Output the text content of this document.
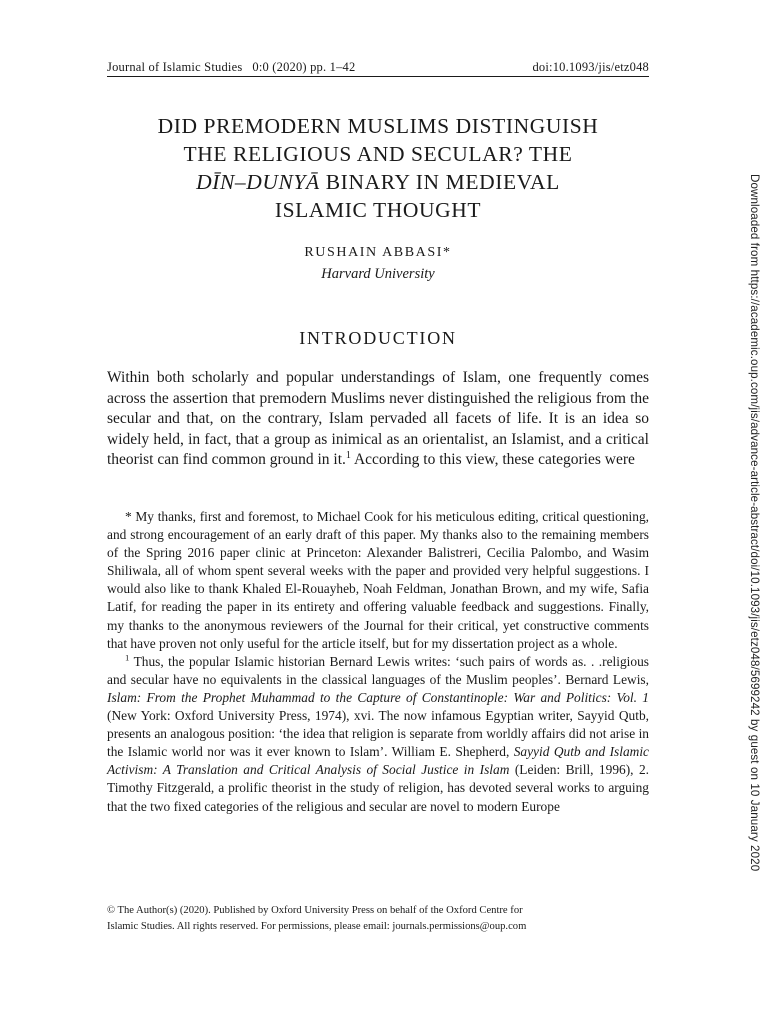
Journal of Islamic Studies   0:0 (2020) pp. 1–42	doi:10.1093/jis/etz048
DID PREMODERN MUSLIMS DISTINGUISH
THE RELIGIOUS AND SECULAR? THE
DĪN–DUNYĀ BINARY IN MEDIEVAL
ISLAMIC THOUGHT
RUSHAIN ABBASI*
Harvard University
INTRODUCTION

Within both scholarly and popular understandings of Islam, one frequently comes across the assertion that premodern Muslims never distinguished the religious from the secular and that, on the contrary, Islam pervaded all facets of life. It is an idea so widely held, in fact, that a group as inimical as an orientalist, an Islamist, and a critical theorist can find common ground in it.$^1$ According to this view, these categories were

* My thanks, first and foremost, to Michael Cook for his meticulous editing, critical questioning, and strong encouragement of an early draft of this paper. My thanks also to the remaining members of the Spring 2016 paper clinic at Princeton: Alexander Balistreri, Cecilia Palombo, and Wasim Shiliwala, all of whom spent several weeks with the paper and provided very helpful suggestions. I would also like to thank Khaled El-Rouayheb, Noah Feldman, Jonathan Brown, and my wife, Safia Latif, for reading the paper in its entirety and offering valuable feedback and suggestions. Finally, my thanks to the anonymous reviewers of the Journal for their critical, yet constructive comments that have proven not only useful for the article itself, but for my dissertation project as a whole.

$^1$ Thus, the popular Islamic historian Bernard Lewis writes: ‘such pairs of words as. . .religious and secular have no equivalents in the classical languages of the Muslim peoples’. Bernard Lewis, Islam: From the Prophet Muhammad to the Capture of Constantinople: War and Politics: Vol. 1 (New York: Oxford University Press, 1974), xvi. The now infamous Egyptian writer, Sayyid Qutb, presents an analogous position: ‘the idea that religion is separate from worldly affairs did not arise in the Islamic world nor was it ever known to Islam’. William E. Shepherd, Sayyid Qutb and Islamic Activism: A Translation and Critical Analysis of Social Justice in Islam (Leiden: Brill, 1996), 2. Timothy Fitzgerald, a prolific theorist in the study of religion, has devoted several works to arguing that the two fixed categories of the religious and secular are novel to modern Europe

© The Author(s) (2020). Published by Oxford University Press on behalf of the Oxford Centre for
Islamic Studies. All rights reserved. For permissions, please email: journals.permissions@oup.com
Downloaded from https://academic.oup.com/jis/advance-article-abstract/doi/10.1093/jis/etz048/5699242 by guest on 10 January 2020
